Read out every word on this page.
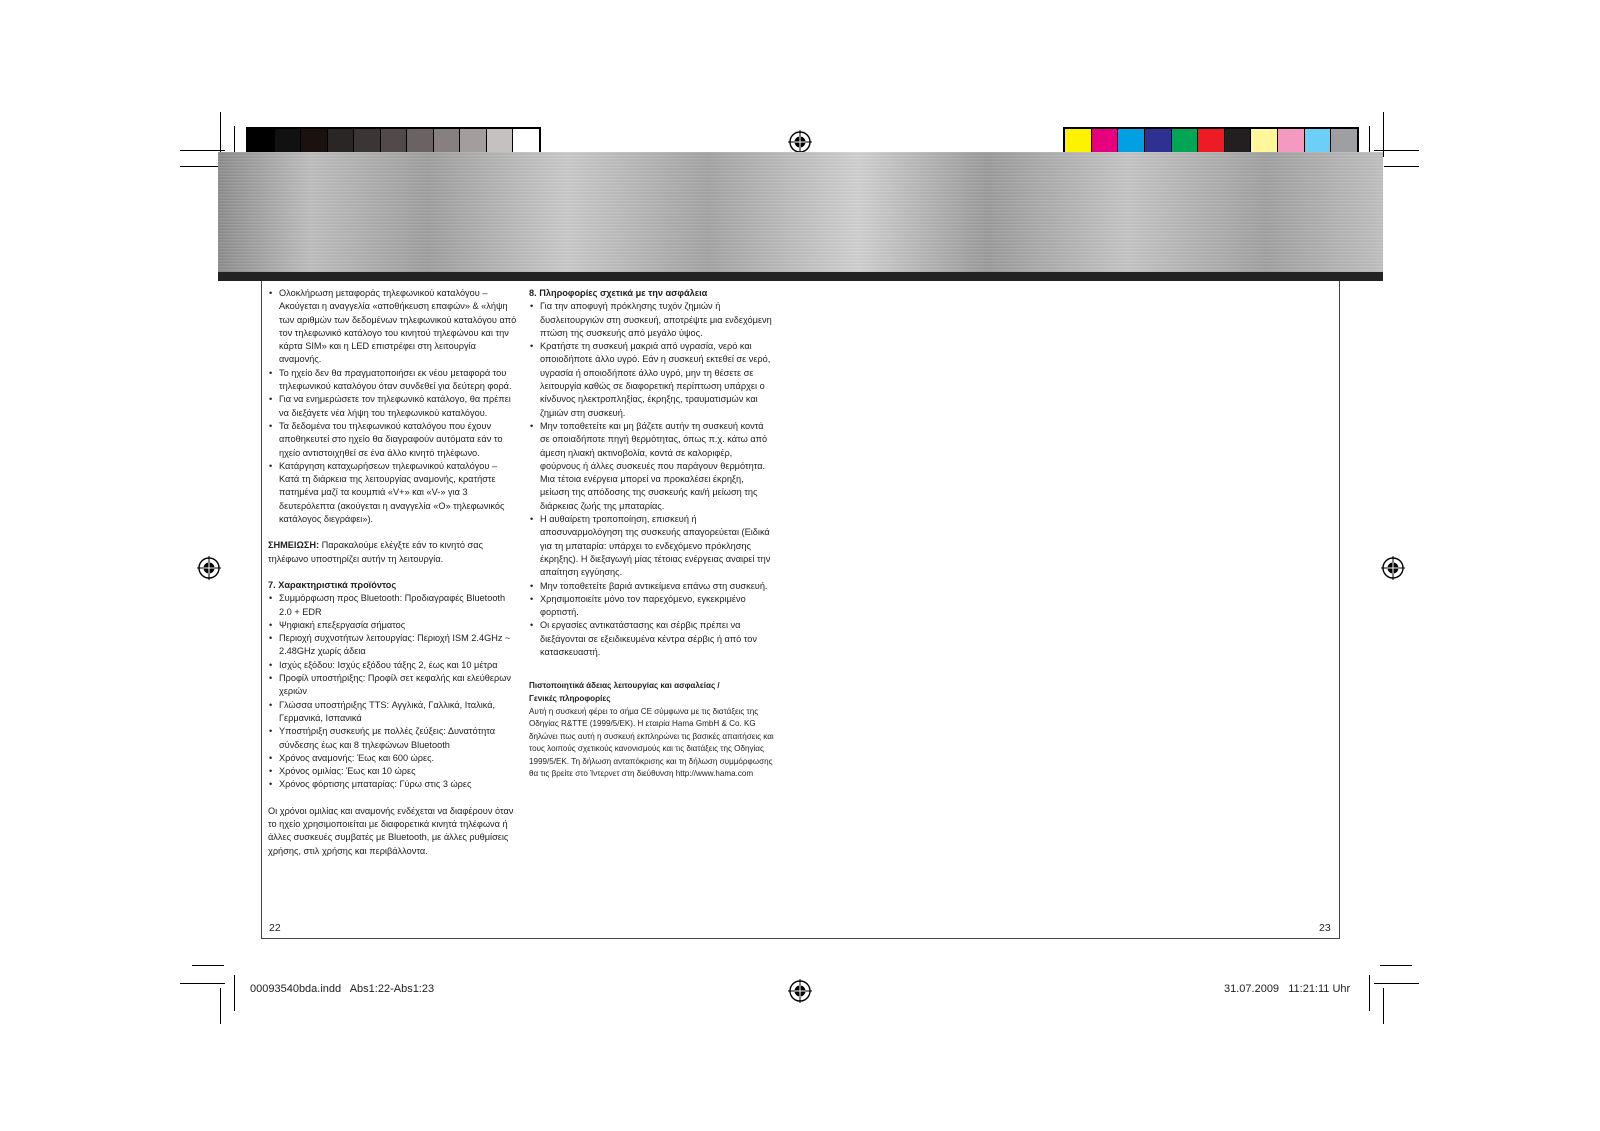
• Ολοκλήρωση μεταφοράς τηλεφωνικού καταλόγου – Ακούγεται η αναγγελία «αποθήκευση επαφών» & «λήψη των αριθμών των δεδομένων τηλεφωνικού καταλόγου από τον τηλεφωνικό κατάλογο του κινητού τηλεφώνου και την κάρτα SIM» και η LED επιστρέφει στη λειτουργία αναμονής.
• Το ηχείο δεν θα πραγματοποιήσει εκ νέου μεταφορά του τηλεφωνικού καταλόγου όταν συνδεθεί για δεύτερη φορά.
• Για να ενημερώσετε τον τηλεφωνικό κατάλογο, θα πρέπει να διεξάγετε νέα λήψη του τηλεφωνικού καταλόγου.
• Τα δεδομένα του τηλεφωνικού καταλόγου που έχουν αποθηκευτεί στο ηχείο θα διαγραφούν αυτόματα εάν το ηχείο αντιστοιχηθεί σε ένα άλλο κινητό τηλέφωνο.
• Κατάργηση καταχωρήσεων τηλεφωνικού καταλόγου – Κατά τη διάρκεια της λειτουργίας αναμονής, κρατήστε πατημένα μαζί τα κουμπιά «V+» και «V-» για 3 δευτερόλεπτα (ακούγεται η αναγγελία «Ο» τηλεφωνικός κατάλογος διεγράφει»).

ΣΗΜΕΙΩΣΗ: Παρακαλούμε ελέγξτε εάν το κινητό σας τηλέφωνο υποστηρίζει αυτήν τη λειτουργία.

7. Χαρακτηριστικά προϊόντος

• Συμμόρφωση προς Bluetooth: Προδιαγραφές Bluetooth 2.0 + EDR
• Ψηφιακή επεξεργασία σήματος
• Περιοχή συχνοτήτων λειτουργίας: Περιοχή ISM 2.4GHz ~ 2.48GHz χωρίς άδεια
• Ισχύς εξόδου: Ισχύς εξόδου τάξης 2, έως και 10 μέτρα
• Προφίλ υποστήριξης: Προφίλ σετ κεφαλής και ελεύθερων χεριών
• Γλώσσα υποστήριξης TTS: Αγγλικά, Γαλλικά, Ιταλικά, Γερμανικά, Ισπανικά
• Υποστήριξη συσκευής με πολλές ζεύξεις: Δυνατότητα σύνδεσης έως και 8 τηλεφώνων Bluetooth
• Χρόνος αναμονής: Έως και 600 ώρες.
• Χρόνος ομιλίας: Έως και 10 ώρες
• Χρόνος φόρτισης μπαταρίας: Γύρω στις 3 ώρες

Οι χρόνοι ομιλίας και αναμονής ενδέχεται να διαφέρουν όταν το ηχείο χρησιμοποιείται με διαφορετικά κινητά τηλέφωνα ή άλλες συσκευές συμβατές με Bluetooth, με άλλες ρυθμίσεις χρήσης, στιλ χρήσης και περιβάλλοντα.

8. Πληροφορίες σχετικά με την ασφάλεια

• Για την αποφυγή πρόκλησης τυχόν ζημιών ή δυσλειτουργιών στη συσκευή, αποτρέψτε μια ενδεχόμενη πτώση της συσκευής από μεγάλο ύψος.
• Κρατήστε τη συσκευή μακριά από υγρασία, νερό και οποιοδήποτε άλλο υγρό. Εάν η συσκευή εκτεθεί σε νερό, υγρασία ή οποιοδήποτε άλλο υγρό, μην τη θέσετε σε λειτουργία καθώς σε διαφορετική περίπτωση υπάρχει ο κίνδυνος ηλεκτροπληξίας, έκρηξης, τραυματισμών και ζημιών στη συσκευή.
• Μην τοποθετείτε και μη βάζετε αυτήν τη συσκευή κοντά σε οποιαδήποτε πηγή θερμότητας, όπως π.χ. κάτω από άμεση ηλιακή ακτινοβολία, κοντά σε καλοριφέρ, φούρνους ή άλλες συσκευές που παράγουν θερμότητα. Μια τέτοια ενέργεια μπορεί να προκαλέσει έκρηξη, μείωση της απόδοσης της συσκευής και/ή μείωση της διάρκειας ζωής της μπαταρίας.
• Η αυθαίρετη τροποποίηση, επισκευή ή αποσυναρμολόγηση της συσκευής απαγορεύεται (Ειδικά για τη μπαταρία: υπάρχει το ενδεχόμενο πρόκλησης έκρηξης). Η διεξαγωγή μίας τέτοιας ενέργειας αναιρεί την απαίτηση εγγύησης.
• Μην τοποθετείτε βαριά αντικείμενα επάνω στη συσκευή.
• Χρησιμοποιείτε μόνο τον παρεχόμενο, εγκεκριμένο φορτιστή.
• Οι εργασίες αντικατάστασης και σέρβις πρέπει να διεξάγονται σε εξειδικευμένα κέντρα σέρβις ή από τον κατασκευαστή.

Πιστοποιητικά άδειας λειτουργίας και ασφαλείας /

Γενικές πληροφορίες

Αυτή η συσκευή φέρει το σήμα CE σύμφωνα με τις διατάξεις της Οδηγίας R&TTE (1999/5/EK). Η εταιρία Hama GmbH & Co. KG δηλώνει πως αυτή η συσκευή εκπληρώνει τις βασικές απαιτήσεις και τους λοιπούς σχετικούς κανονισμούς και τις διατάξεις της Οδηγίας 1999/5/EK. Τη δήλωση ανταπόκρισης και τη δήλωση συμμόρφωσης θα τις βρείτε στο Ίντερνετ στη διεύθυνση http://www.hama.com

22	23
00093540bda.indd   Abs1:22-Abs1:23	31.07.2009   11:21:11 Uhr
